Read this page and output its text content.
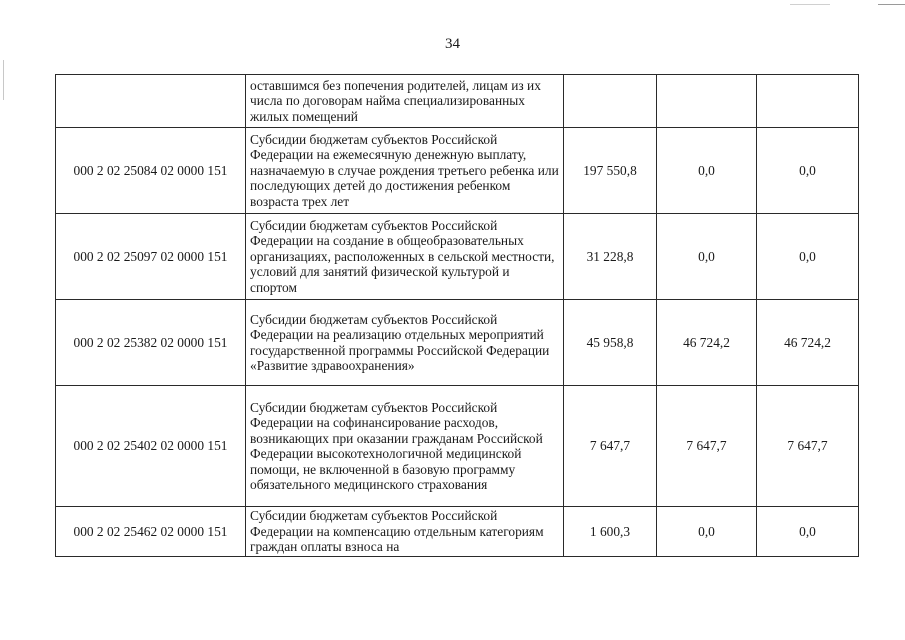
34
	оставшимся без попечения родителей, лицам из их числа по договорам найма специализированных жилых помещений			
000 2 02 25084 02 0000 151	Субсидии бюджетам субъектов Российской Федерации на ежемесячную денежную выплату, назначаемую в случае рождения третьего ребенка или последующих детей до достижения ребенком возраста трех лет	197 550,8	0,0	0,0
000 2 02 25097 02 0000 151	Субсидии бюджетам субъектов Российской Федерации на создание в общеобразовательных организациях, расположенных в сельской местности, условий для занятий физической культурой и спортом	31 228,8	0,0	0,0
000 2 02 25382 02 0000 151	Субсидии бюджетам субъектов Российской Федерации на реализацию отдельных мероприятий государственной программы Российской Федерации «Развитие здравоохранения»	45 958,8	46 724,2	46 724,2
000 2 02 25402 02 0000 151	Субсидии бюджетам субъектов Российской Федерации на софинансирование расходов, возникающих при оказании гражданам Российской Федерации высокотехнологичной медицинской помощи, не включенной в базовую программу обязательного медицинского страхования	7 647,7	7 647,7	7 647,7
000 2 02 25462 02 0000 151	Субсидии бюджетам субъектов Российской Федерации на компенсацию отдельным категориям граждан оплаты взноса на	1 600,3	0,0	0,0
